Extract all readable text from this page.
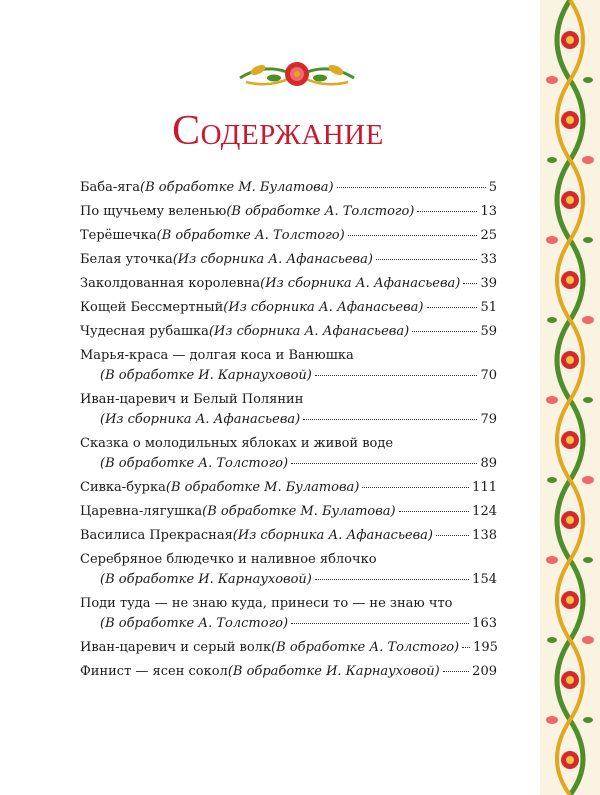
Содержание
Баба-яга (В обработке М. Булатова)	5
По щучьему веленью (В обработке А. Толстого)	13
Терёшечка (В обработке А. Толстого)	25
Белая уточка (Из сборника А. Афанасьева)	33
Заколдованная королевна (Из сборника А. Афанасьева) 39
Кощей Бессмертный (Из сборника А. Афанасьева)	51
Чудесная рубашка (Из сборника А. Афанасьева)	59
Марья-краса — долгая коса и Ванюшка
(В обработке И. Карнауховой)	70
Иван-царевич и Белый Полянин
(Из сборника А. Афанасьева)	79
Сказка о молодильных яблоках и живой воде
(В обработке А. Толстого)	89
Сивка-бурка (В обработке М. Булатова)	111
Царевна-лягушка (В обработке М. Булатова)	124
Василиса Прекрасная (Из сборника А. Афанасьева)	138
Серебряное блюдечко и наливное яблочко
(В обработке И. Карнауховой)	154
Поди туда — не знаю куда, принеси то — не знаю что
(В обработке А. Толстого)	163
Иван-царевич и серый волк (В обработке А. Толстого) 195
Финист — ясен сокол (В обработке И. Карнауховой)	209
